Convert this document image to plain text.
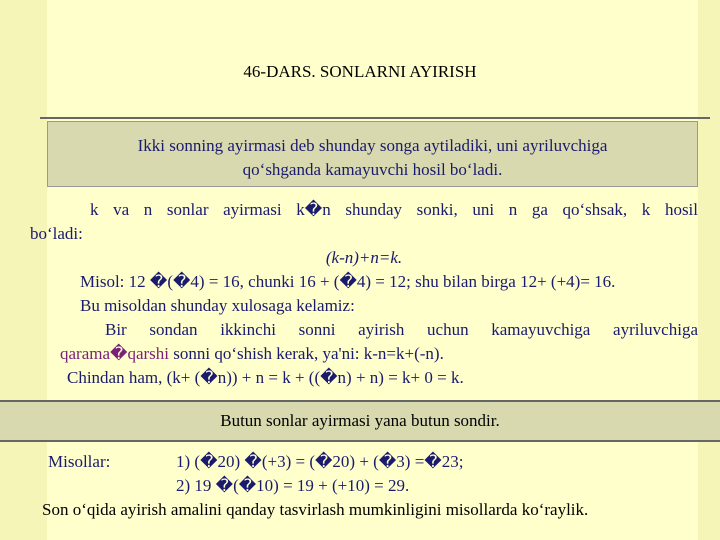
46-DARS. SONLARNI AYIRISH
Ikki sonning ayirmasi deb shunday songa aytiladiki, uni ayriluvchiga
qo‘shganda kamayuvchi hosil bo‘ladi.
k va n sonlar ayirmasi k�n shunday sonki, uni n ga qo‘shsak, k hosil
bo‘ladi:
(k-n)+n=k.
Misol: 12 �(�4) = 16, chunki 16 + (�4) = 12; shu bilan birga 12+ (+4)= 16.
Bu misoldan shunday xulosaga kelamiz:
Bir sondan ikkinchi sonni ayirish uchun kamayuvchiga ayriluvchiga
qarama�qarshi sonni qo‘shish kerak, ya'ni: k-n=k+(-n).
Chindan ham, (k+ (�n)) + n = k + ((�n) + n) = k+ 0 = k.
Butun sonlar ayirmasi yana butun sondir.
Misollar:	1) (�20) �(+3) = (�20) + (�3) =�23;
2) 19 �(�10) = 19 + (+10) = 29.
Son o‘qida ayirish amalini qanday tasvirlash mumkinligini misollarda ko‘raylik.
